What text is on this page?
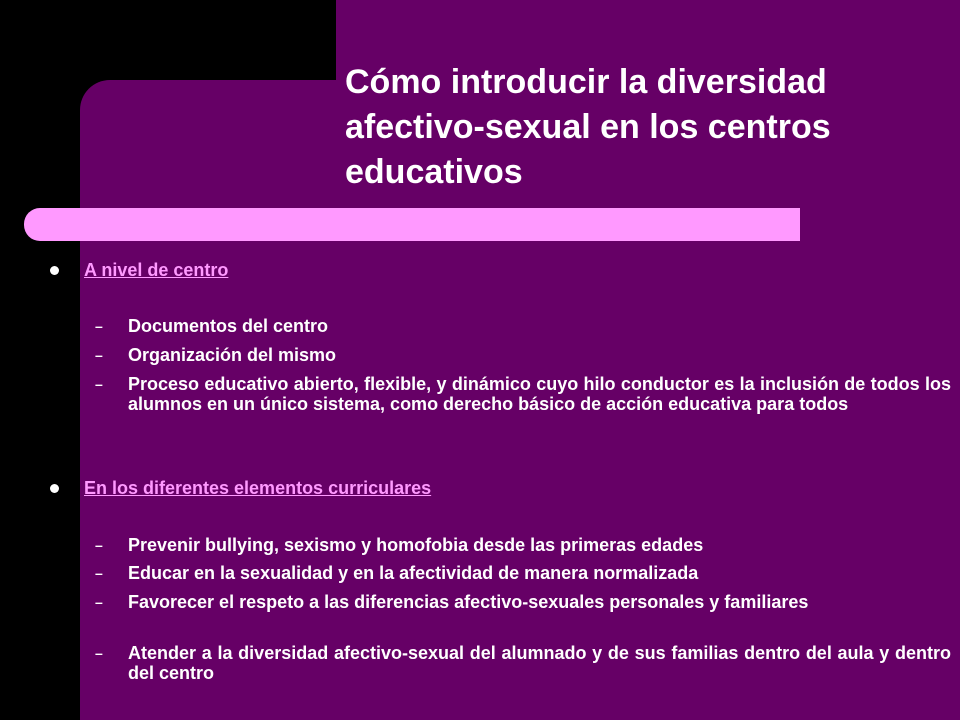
Cómo introducir la diversidad afectivo-sexual en los centros educativos
A nivel de centro
–	Documentos del centro
–	Organización del mismo
–	Proceso educativo abierto, flexible, y dinámico cuyo hilo conductor es la inclusión de todos los alumnos en un único sistema, como derecho básico de acción educativa para todos
En los diferentes elementos curriculares
–	Prevenir bullying, sexismo y homofobia desde las primeras edades
–	Educar en la sexualidad y en la afectividad de manera normalizada
–	Favorecer el respeto a las diferencias afectivo-sexuales personales y familiares
–	Atender a la diversidad afectivo-sexual del alumnado y de sus familias dentro del aula y dentro del centro
